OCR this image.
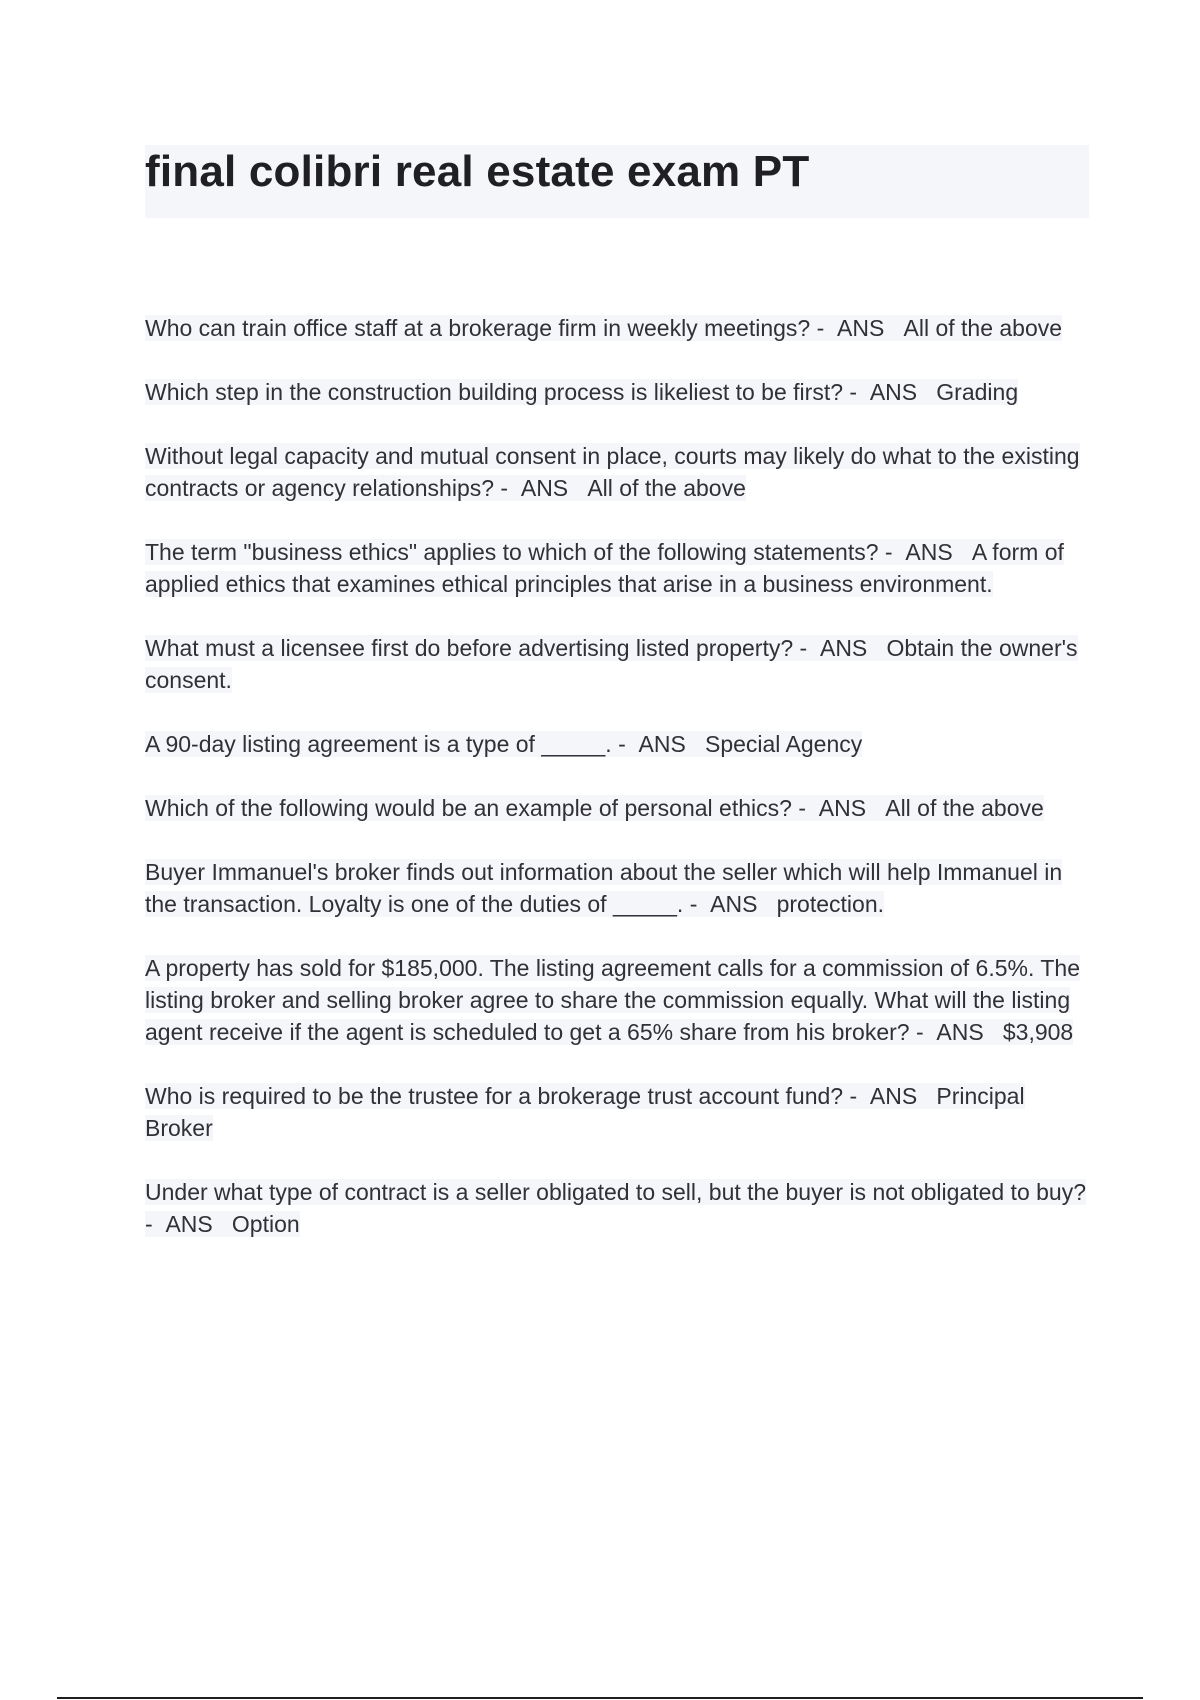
final colibri real estate exam PT

Who can train office staff at a brokerage firm in weekly meetings? - ANS All of the above

Which step in the construction building process is likeliest to be first? - ANS Grading

Without legal capacity and mutual consent in place, courts may likely do what to the existing contracts or agency relationships? - ANS All of the above

The term "business ethics" applies to which of the following statements? - ANS A form of applied ethics that examines ethical principles that arise in a business environment.

What must a licensee first do before advertising listed property? - ANS Obtain the owner's consent.

A 90-day listing agreement is a type of _____. - ANS Special Agency

Which of the following would be an example of personal ethics? - ANS All of the above

Buyer Immanuel's broker finds out information about the seller which will help Immanuel in the transaction. Loyalty is one of the duties of _____. - ANS protection.

A property has sold for $185,000. The listing agreement calls for a commission of 6.5%. The listing broker and selling broker agree to share the commission equally. What will the listing agent receive if the agent is scheduled to get a 65% share from his broker? - ANS $3,908

Who is required to be the trustee for a brokerage trust account fund? - ANS Principal Broker

Under what type of contract is a seller obligated to sell, but the buyer is not obligated to buy? - ANS Option
